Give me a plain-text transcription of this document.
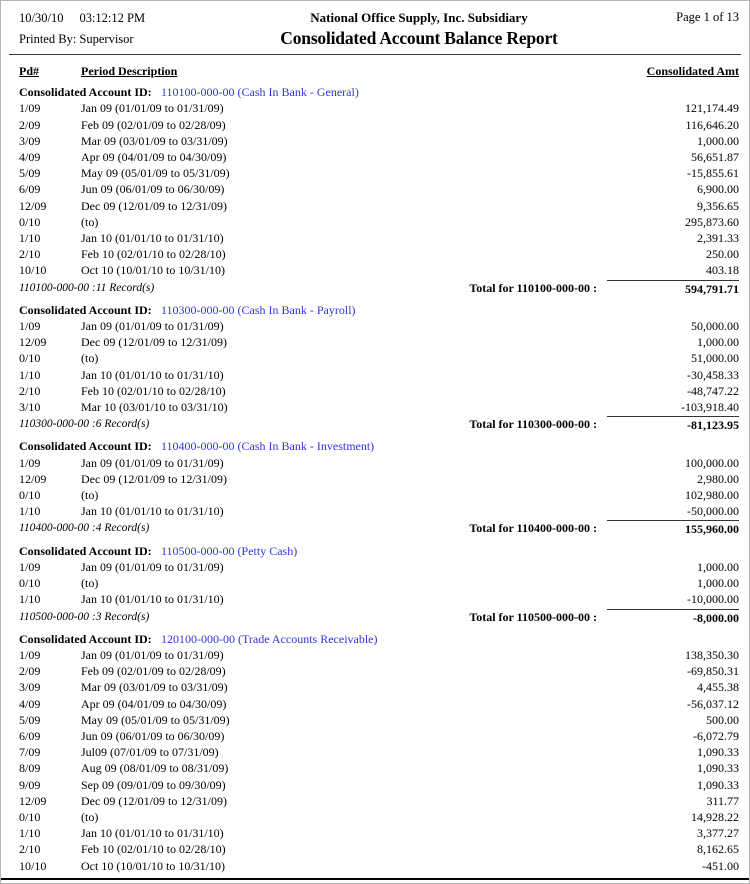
10/30/10 03:12:12 PM
Printed By: Supervisor
National Office Supply, Inc. Subsidiary
Consolidated Account Balance Report
Page 1 of 13
Pd#	Period Description	Consolidated Amt
Consolidated Account ID: 110100-000-00 (Cash In Bank - General)
1/09	Jan 09 (01/01/09 to 01/31/09)	121,174.49
2/09	Feb 09 (02/01/09 to 02/28/09)	116,646.20
3/09	Mar 09 (03/01/09 to 03/31/09)	1,000.00
4/09	Apr 09 (04/01/09 to 04/30/09)	56,651.87
5/09	May 09 (05/01/09 to 05/31/09)	-15,855.61
6/09	Jun 09 (06/01/09 to 06/30/09)	6,900.00
12/09	Dec 09 (12/01/09 to 12/31/09)	9,356.65
0/10	(to)	295,873.60
1/10	Jan 10 (01/01/10 to 01/31/10)	2,391.33
2/10	Feb 10 (02/01/10 to 02/28/10)	250.00
10/10	Oct 10 (10/01/10 to 10/31/10)	403.18
110100-000-00 :11 Record(s)	Total for 110100-000-00 :	594,791.71
Consolidated Account ID: 110300-000-00 (Cash In Bank - Payroll)
1/09	Jan 09 (01/01/09 to 01/31/09)	50,000.00
12/09	Dec 09 (12/01/09 to 12/31/09)	1,000.00
0/10	(to)	51,000.00
1/10	Jan 10 (01/01/10 to 01/31/10)	-30,458.33
2/10	Feb 10 (02/01/10 to 02/28/10)	-48,747.22
3/10	Mar 10 (03/01/10 to 03/31/10)	-103,918.40
110300-000-00 :6 Record(s)	Total for 110300-000-00 :	-81,123.95
Consolidated Account ID: 110400-000-00 (Cash In Bank - Investment)
1/09	Jan 09 (01/01/09 to 01/31/09)	100,000.00
12/09	Dec 09 (12/01/09 to 12/31/09)	2,980.00
0/10	(to)	102,980.00
1/10	Jan 10 (01/01/10 to 01/31/10)	-50,000.00
110400-000-00 :4 Record(s)	Total for 110400-000-00 :	155,960.00
Consolidated Account ID: 110500-000-00 (Petty Cash)
1/09	Jan 09 (01/01/09 to 01/31/09)	1,000.00
0/10	(to)	1,000.00
1/10	Jan 10 (01/01/10 to 01/31/10)	-10,000.00
110500-000-00 :3 Record(s)	Total for 110500-000-00 :	-8,000.00
Consolidated Account ID: 120100-000-00 (Trade Accounts Receivable)
1/09	Jan 09 (01/01/09 to 01/31/09)	138,350.30
2/09	Feb 09 (02/01/09 to 02/28/09)	-69,850.31
3/09	Mar 09 (03/01/09 to 03/31/09)	4,455.38
4/09	Apr 09 (04/01/09 to 04/30/09)	-56,037.12
5/09	May 09 (05/01/09 to 05/31/09)	500.00
6/09	Jun 09 (06/01/09 to 06/30/09)	-6,072.79
7/09	Jul09 (07/01/09 to 07/31/09)	1,090.33
8/09	Aug 09 (08/01/09 to 08/31/09)	1,090.33
9/09	Sep 09 (09/01/09 to 09/30/09)	1,090.33
12/09	Dec 09 (12/01/09 to 12/31/09)	311.77
0/10	(to)	14,928.22
1/10	Jan 10 (01/01/10 to 01/31/10)	3,377.27
2/10	Feb 10 (02/01/10 to 02/28/10)	8,162.65
10/10	Oct 10 (10/01/10 to 10/31/10)	-451.00
